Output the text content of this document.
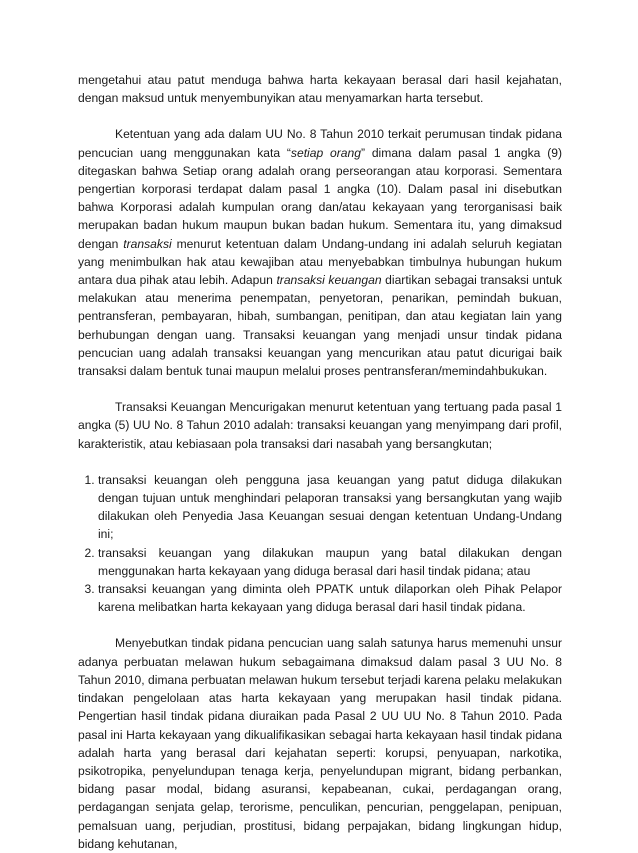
mengetahui atau patut menduga bahwa harta kekayaan berasal dari hasil kejahatan, dengan maksud untuk menyembunyikan atau menyamarkan harta tersebut.

Ketentuan yang ada dalam UU No. 8 Tahun 2010 terkait perumusan tindak pidana pencucian uang menggunakan kata “setiap orang” dimana dalam pasal 1 angka (9) ditegaskan bahwa Setiap orang adalah orang perseorangan atau korporasi. Sementara pengertian korporasi terdapat dalam pasal 1 angka (10). Dalam pasal ini disebutkan bahwa Korporasi adalah kumpulan orang dan/atau kekayaan yang terorganisasi baik merupakan badan hukum maupun bukan badan hukum. Sementara itu, yang dimaksud dengan transaksi menurut ketentuan dalam Undang-undang ini adalah seluruh kegiatan yang menimbulkan hak atau kewajiban atau menyebabkan timbulnya hubungan hukum antara dua pihak atau lebih. Adapun transaksi keuangan diartikan sebagai transaksi untuk melakukan atau menerima penempatan, penyetoran, penarikan, pemindah bukuan, pentransferan, pembayaran, hibah, sumbangan, penitipan, dan atau kegiatan lain yang berhubungan dengan uang. Transaksi keuangan yang menjadi unsur tindak pidana pencucian uang adalah transaksi keuangan yang mencurikan atau patut dicurigai baik transaksi dalam bentuk tunai maupun melalui proses pentransferan/memindahbukukan.

Transaksi Keuangan Mencurigakan menurut ketentuan yang tertuang pada pasal 1 angka (5) UU No. 8 Tahun 2010 adalah: transaksi keuangan yang menyimpang dari profil, karakteristik, atau kebiasaan pola transaksi dari nasabah yang bersangkutan;

1. transaksi keuangan oleh pengguna jasa keuangan yang patut diduga dilakukan dengan tujuan untuk menghindari pelaporan transaksi yang bersangkutan yang wajib dilakukan oleh Penyedia Jasa Keuangan sesuai dengan ketentuan Undang-Undang ini;
2. transaksi keuangan yang dilakukan maupun yang batal dilakukan dengan menggunakan harta kekayaan yang diduga berasal dari hasil tindak pidana; atau
3. transaksi keuangan yang diminta oleh PPATK untuk dilaporkan oleh Pihak Pelapor karena melibatkan harta kekayaan yang diduga berasal dari hasil tindak pidana.

Menyebutkan tindak pidana pencucian uang salah satunya harus memenuhi unsur adanya perbuatan melawan hukum sebagaimana dimaksud dalam pasal 3 UU No. 8 Tahun 2010, dimana perbuatan melawan hukum tersebut terjadi karena pelaku melakukan tindakan pengelolaan atas harta kekayaan yang merupakan hasil tindak pidana. Pengertian hasil tindak pidana diuraikan pada Pasal 2 UU UU No. 8 Tahun 2010. Pada pasal ini Harta kekayaan yang dikualifikasikan sebagai harta kekayaan hasil tindak pidana adalah harta yang berasal dari kejahatan seperti: korupsi, penyuapan, narkotika, psikotropika, penyelundupan tenaga kerja, penyelundupan migrant, bidang perbankan, bidang pasar modal, bidang asuransi, kepabeanan, cukai, perdagangan orang, perdagangan senjata gelap, terorisme, penculikan, pencurian, penggelapan, penipuan, pemalsuan uang, perjudian, prostitusi, bidang perpajakan, bidang lingkungan hidup, bidang kehutanan,
